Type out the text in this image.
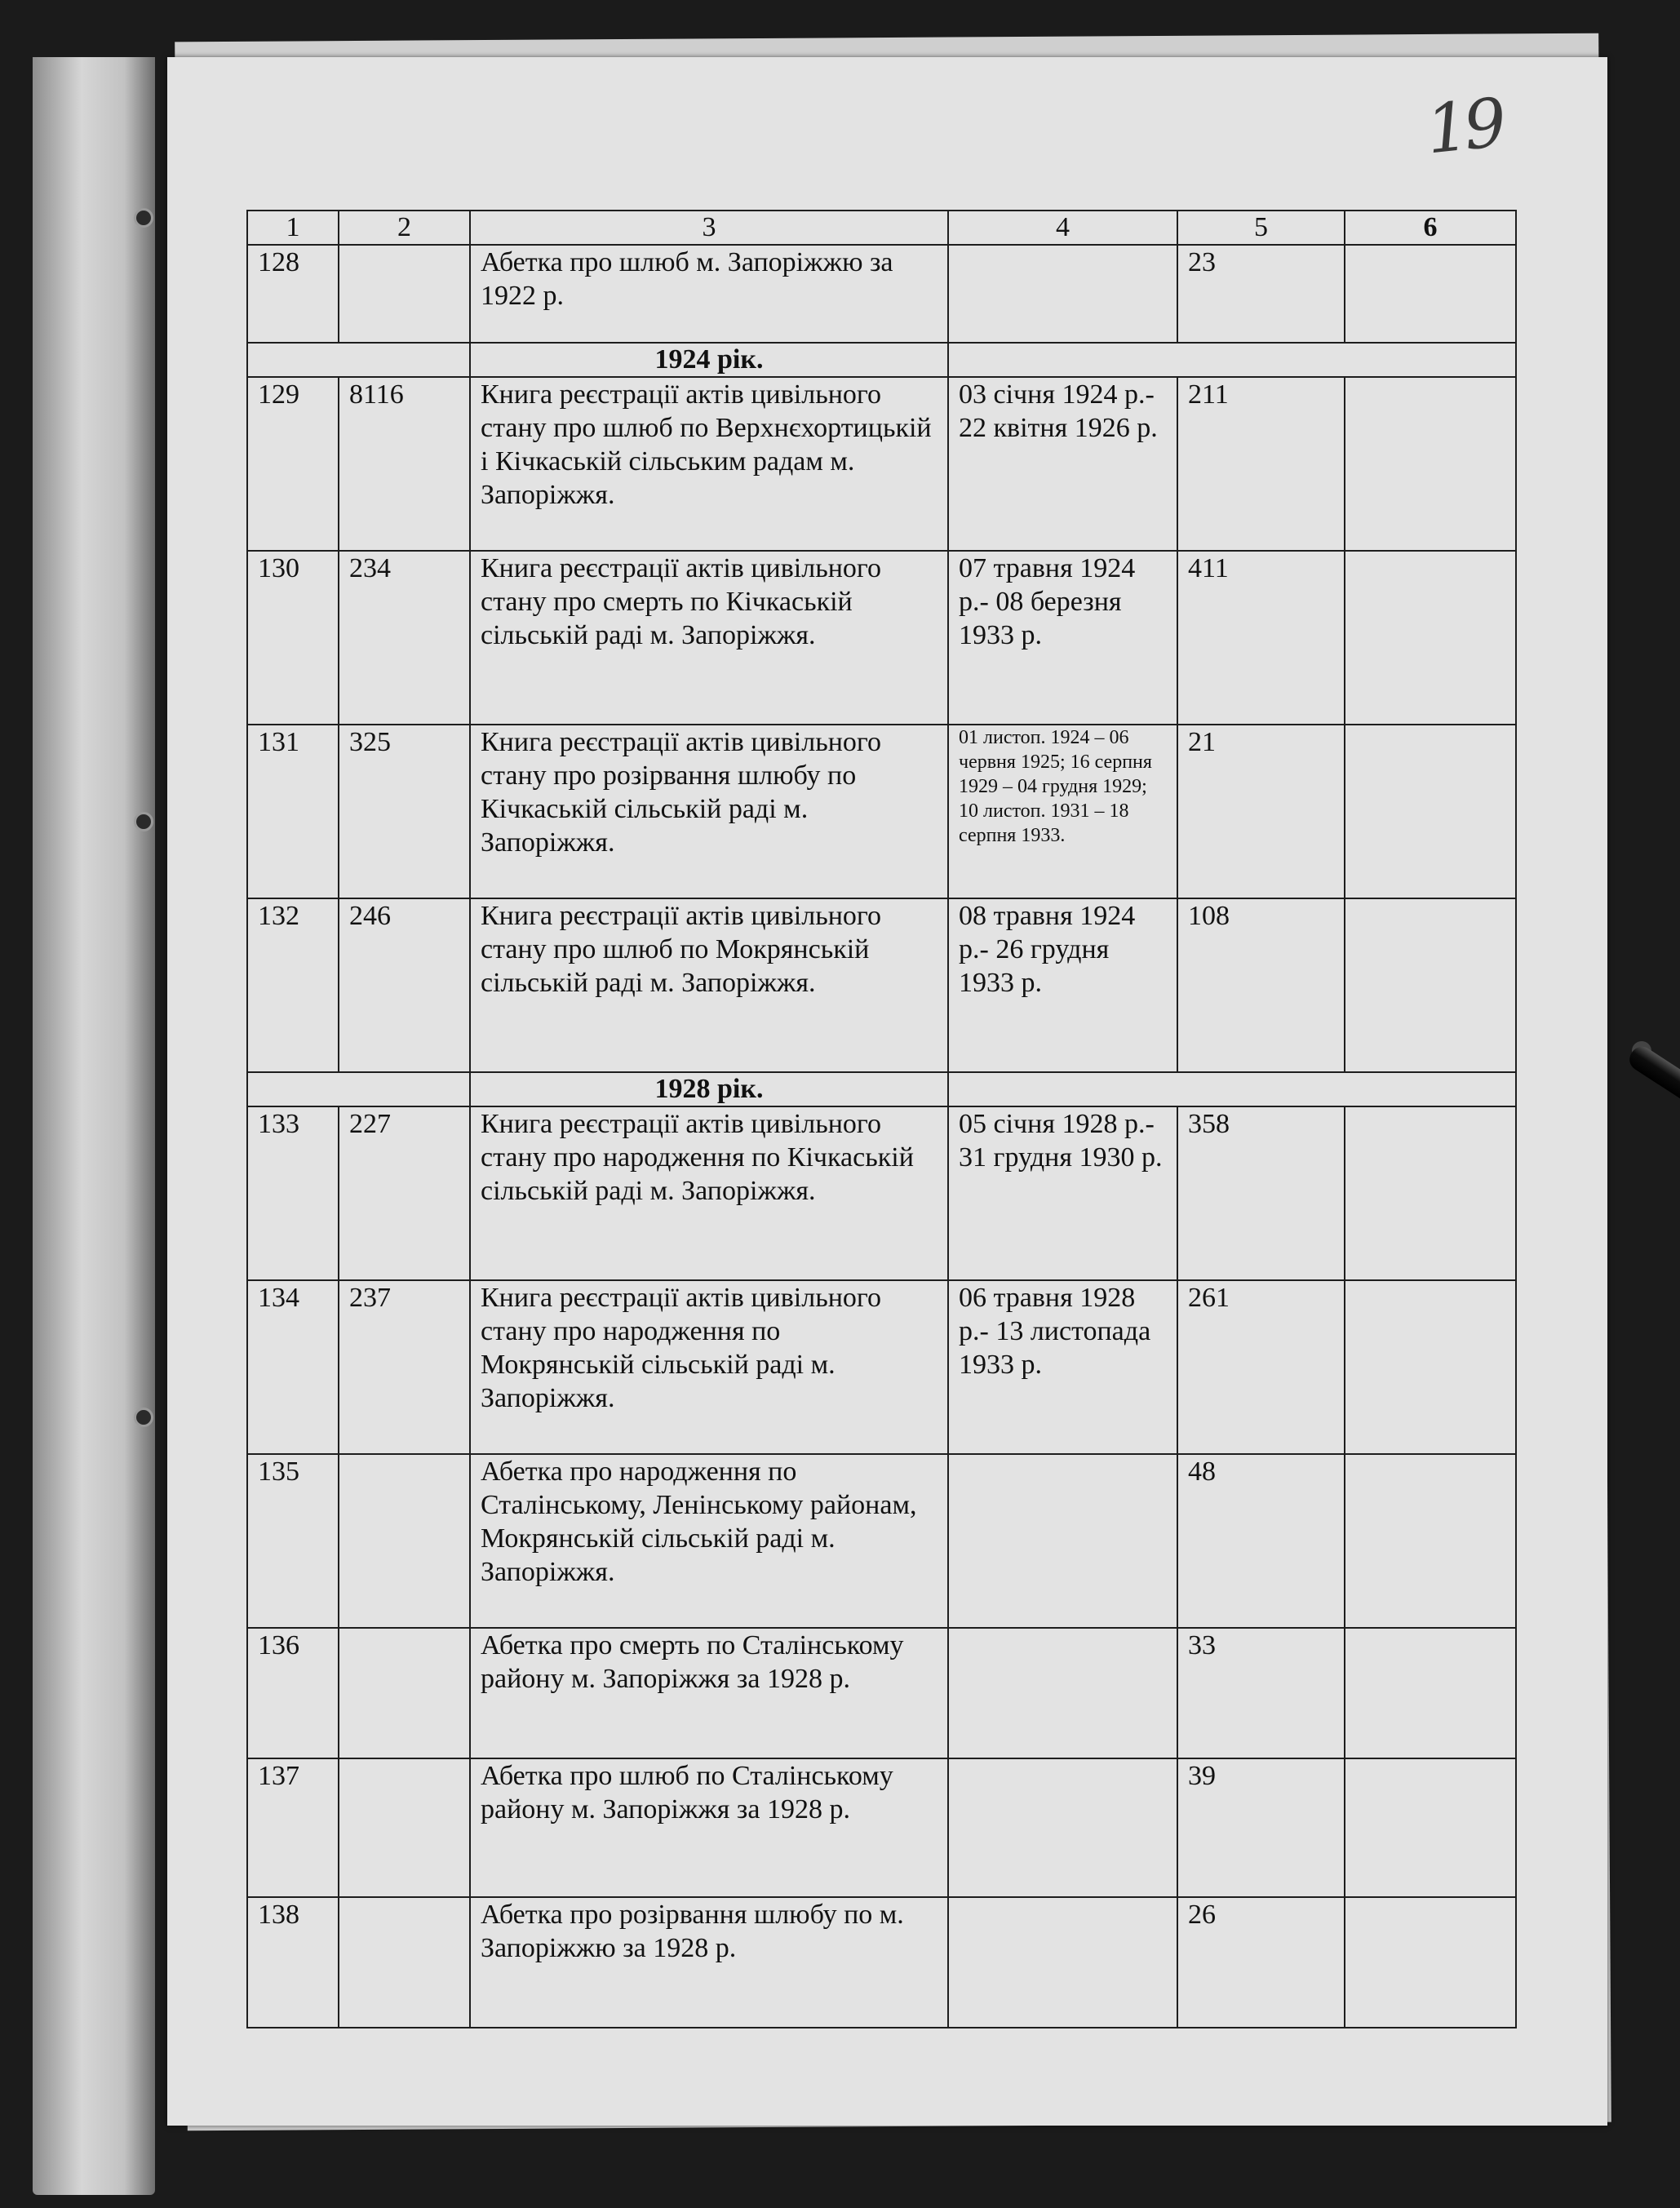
19
1	2	3	4	5	6
128		Абетка про шлюб м. Запоріжжю за 1922 р.		23	
		1924 рік.			
129	8116	Книга реєстрації актів цивільного стану про шлюб по Верхнєхортицькій і Кічкаській сільським радам м. Запоріжжя.	03 січня 1924 р.- 22 квітня 1926 р.	211	
130	234	Книга реєстрації актів цивільного стану про смерть по Кічкаській сільській раді м. Запоріжжя.	07 травня 1924 р.- 08 березня 1933 р.	411	
131	325	Книга реєстрації актів цивільного стану про розірвання шлюбу по Кічкаській сільській раді м. Запоріжжя.	01 листоп. 1924 – 06 червня 1925; 16 серпня 1929 – 04 грудня 1929; 10 листоп. 1931 – 18 серпня 1933.	21	
132	246	Книга реєстрації актів цивільного стану про шлюб по Мокрянській сільській раді м. Запоріжжя.	08 травня 1924 р.- 26 грудня 1933 р.	108	
		1928 рік.			
133	227	Книга реєстрації актів цивільного стану про народження по Кічкаській сільській раді м. Запоріжжя.	05 січня 1928 р.- 31 грудня 1930 р.	358	
134	237	Книга реєстрації актів цивільного стану про народження по Мокрянській сільській раді м. Запоріжжя.	06 травня 1928 р.- 13 листопада 1933 р.	261	
135		Абетка про народження по Сталінському, Ленінському районам, Мокрянській сільській раді м. Запоріжжя.		48	
136		Абетка про смерть по Сталінському району м. Запоріжжя за 1928 р.		33	
137		Абетка про шлюб по Сталінському району м. Запоріжжя за 1928 р.		39	
138		Абетка про розірвання шлюбу по м. Запоріжжю за 1928 р.		26	
